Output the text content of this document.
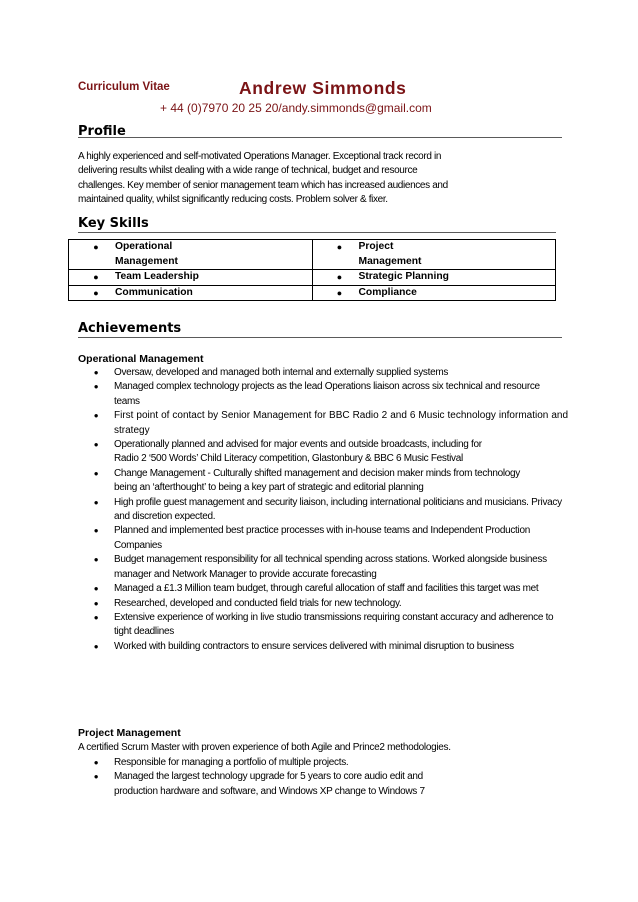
Curriculum Vitae	Andrew Simmonds
+ 44 (0)7970 20 25 20/andy.simmonds@gmail.com
Profile

A highly experienced and self-motivated Operations Manager. Exceptional track record in

delivering results whilst dealing with a wide range of technical, budget and resource

challenges. Key member of senior management team which has increased audiences and

maintained quality, whilst significantly reducing costs. Problem solver & fixer.

Key Skills
● Operational Management	● Project Management

● Team Leadership	● Strategic Planning

● Communication	● Compliance
Achievements
Operational Management
●	Oversaw, developed and managed both internal and externally supplied systems
●	Managed complex technology projects as the lead Operations liaison across six technical and resource teams
●	First point of contact by Senior Management for BBC Radio 2 and 6 Music technology information and strategy
●	Operationally planned and advised for major events and outside broadcasts, including for Radio 2 ‘500 Words’ Child Literacy competition, Glastonbury & BBC 6 Music Festival
●	Change Management - Culturally shifted management and decision maker minds from technology being an ‘afterthought’ to being a key part of strategic and editorial planning
●	High profile guest management and security liaison, including international politicians and musicians. Privacy and discretion expected.
●	Planned and implemented best practice processes with in-house teams and Independent Production Companies
●	Budget management responsibility for all technical spending across stations. Worked alongside business manager and Network Manager to provide accurate forecasting
●	Managed a £1.3 Million team budget, through careful allocation of staff and facilities this target was met
●	Researched, developed and conducted field trials for new technology.
●	Extensive experience of working in live studio transmissions requiring constant accuracy and adherence to tight deadlines
●	Worked with building contractors to ensure services delivered with minimal disruption to business
Project Management
A certified Scrum Master with proven experience of both Agile and Prince2 methodologies.
●	Responsible for managing a portfolio of multiple projects.
●	Managed the largest technology upgrade for 5 years to core audio edit and production hardware and software, and Windows XP change to Windows 7
